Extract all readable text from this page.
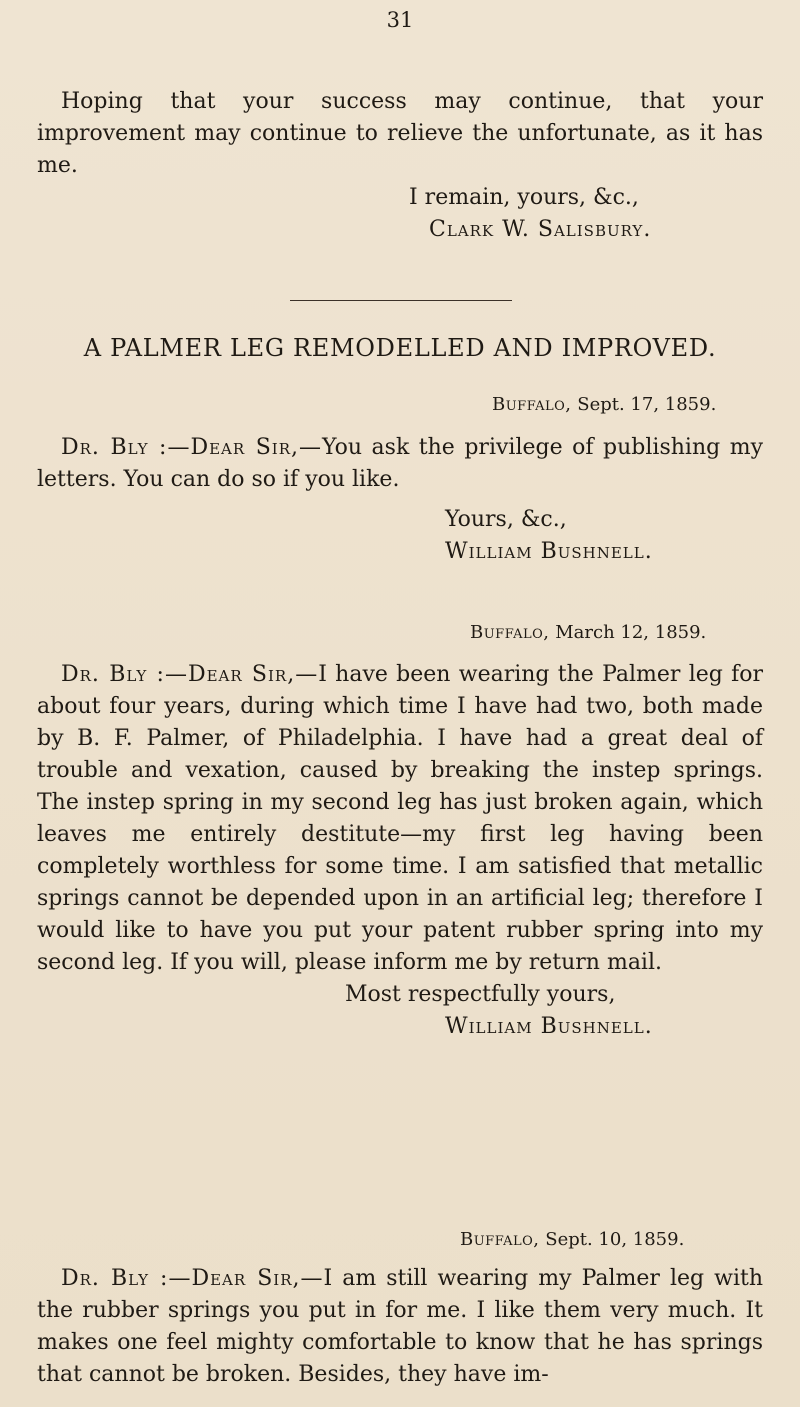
31

Hoping that your success may continue, that your improvement may continue to relieve the unfortunate, as it has me.

I remain, yours, &c.,

Clark W. Salisbury.

A PALMER LEG REMODELLED AND IMPROVED.
Buffalo, Sept. 17, 1859.

Dr. Bly :—Dear Sir,—You ask the privilege of publishing my letters. You can do so if you like.

Yours, &c.,

William Bushnell.

Buffalo, March 12, 1859.

Dr. Bly :—Dear Sir,—I have been wearing the Palmer leg for about four years, during which time I have had two, both made by B. F. Palmer, of Philadelphia. I have had a great deal of trouble and vexation, caused by breaking the instep springs. The instep spring in my second leg has just broken again, which leaves me entirely destitute—my first leg having been completely worthless for some time. I am satisfied that metallic springs cannot be depended upon in an artificial leg; therefore I would like to have you put your patent rubber spring into my second leg. If you will, please inform me by return mail.

Most respectfully yours,

William Bushnell.

Buffalo, Sept. 10, 1859.

Dr. Bly :—Dear Sir,—I am still wearing my Palmer leg with the rubber springs you put in for me. I like them very much. It makes one feel mighty comfortable to know that he has springs that cannot be broken. Besides, they have im-
